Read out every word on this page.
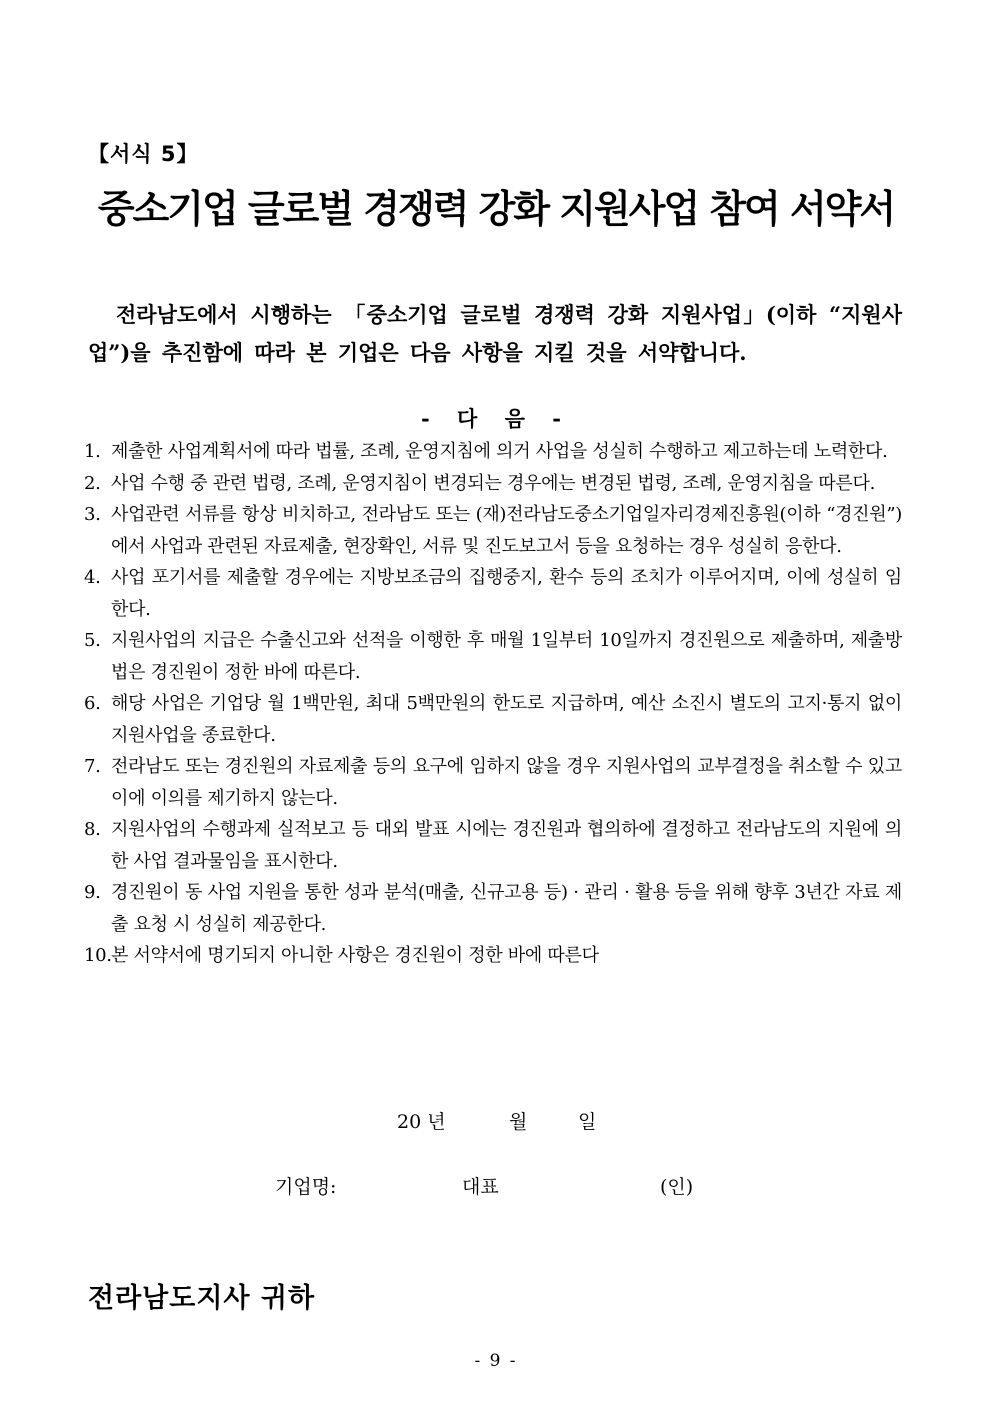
【서식 5】
중소기업 글로벌 경쟁력 강화 지원사업 참여 서약서
전라남도에서 시행하는 「중소기업 글로벌 경쟁력 강화 지원사업」(이하 “지원사업”)을 추진함에 따라 본 기업은 다음 사항을 지킬 것을 서약합니다.
- 다 음 -
1. 제출한 사업계획서에 따라 법률, 조례, 운영지침에 의거 사업을 성실히 수행하고 제고하는데 노력한다.
2. 사업 수행 중 관련 법령, 조례, 운영지침이 변경되는 경우에는 변경된 법령, 조례, 운영지침을 따른다.
3. 사업관련 서류를 항상 비치하고, 전라남도 또는 (재)전라남도중소기업일자리경제진흥원(이하 “경진원”)에서 사업과 관련된 자료제출, 현장확인, 서류 및 진도보고서 등을 요청하는 경우 성실히 응한다.
4. 사업 포기서를 제출할 경우에는 지방보조금의 집행중지, 환수 등의 조치가 이루어지며, 이에 성실히 임한다.
5. 지원사업의 지급은 수출신고와 선적을 이행한 후 매월 1일부터 10일까지 경진원으로 제출하며, 제출방법은 경진원이 정한 바에 따른다.
6. 해당 사업은 기업당 월 1백만원, 최대 5백만원의 한도로 지급하며, 예산 소진시 별도의 고지·통지 없이 지원사업을 종료한다.
7. 전라남도 또는 경진원의 자료제출 등의 요구에 임하지 않을 경우 지원사업의 교부결정을 취소할 수 있고 이에 이의를 제기하지 않는다.
8. 지원사업의 수행과제 실적보고 등 대외 발표 시에는 경진원과 협의하에 결정하고 전라남도의 지원에 의한 사업 결과물임을 표시한다.
9. 경진원이 동 사업 지원을 통한 성과 분석(매출, 신규고용 등) · 관리 · 활용 등을 위해 향후 3년간 자료 제출 요청 시 성실히 제공한다.
10. 본 서약서에 명기되지 아니한 사항은 경진원이 정한 바에 따른다
20 년	월	일
기업명:	대표	(인)
전라남도지사 귀하
- 9 -
